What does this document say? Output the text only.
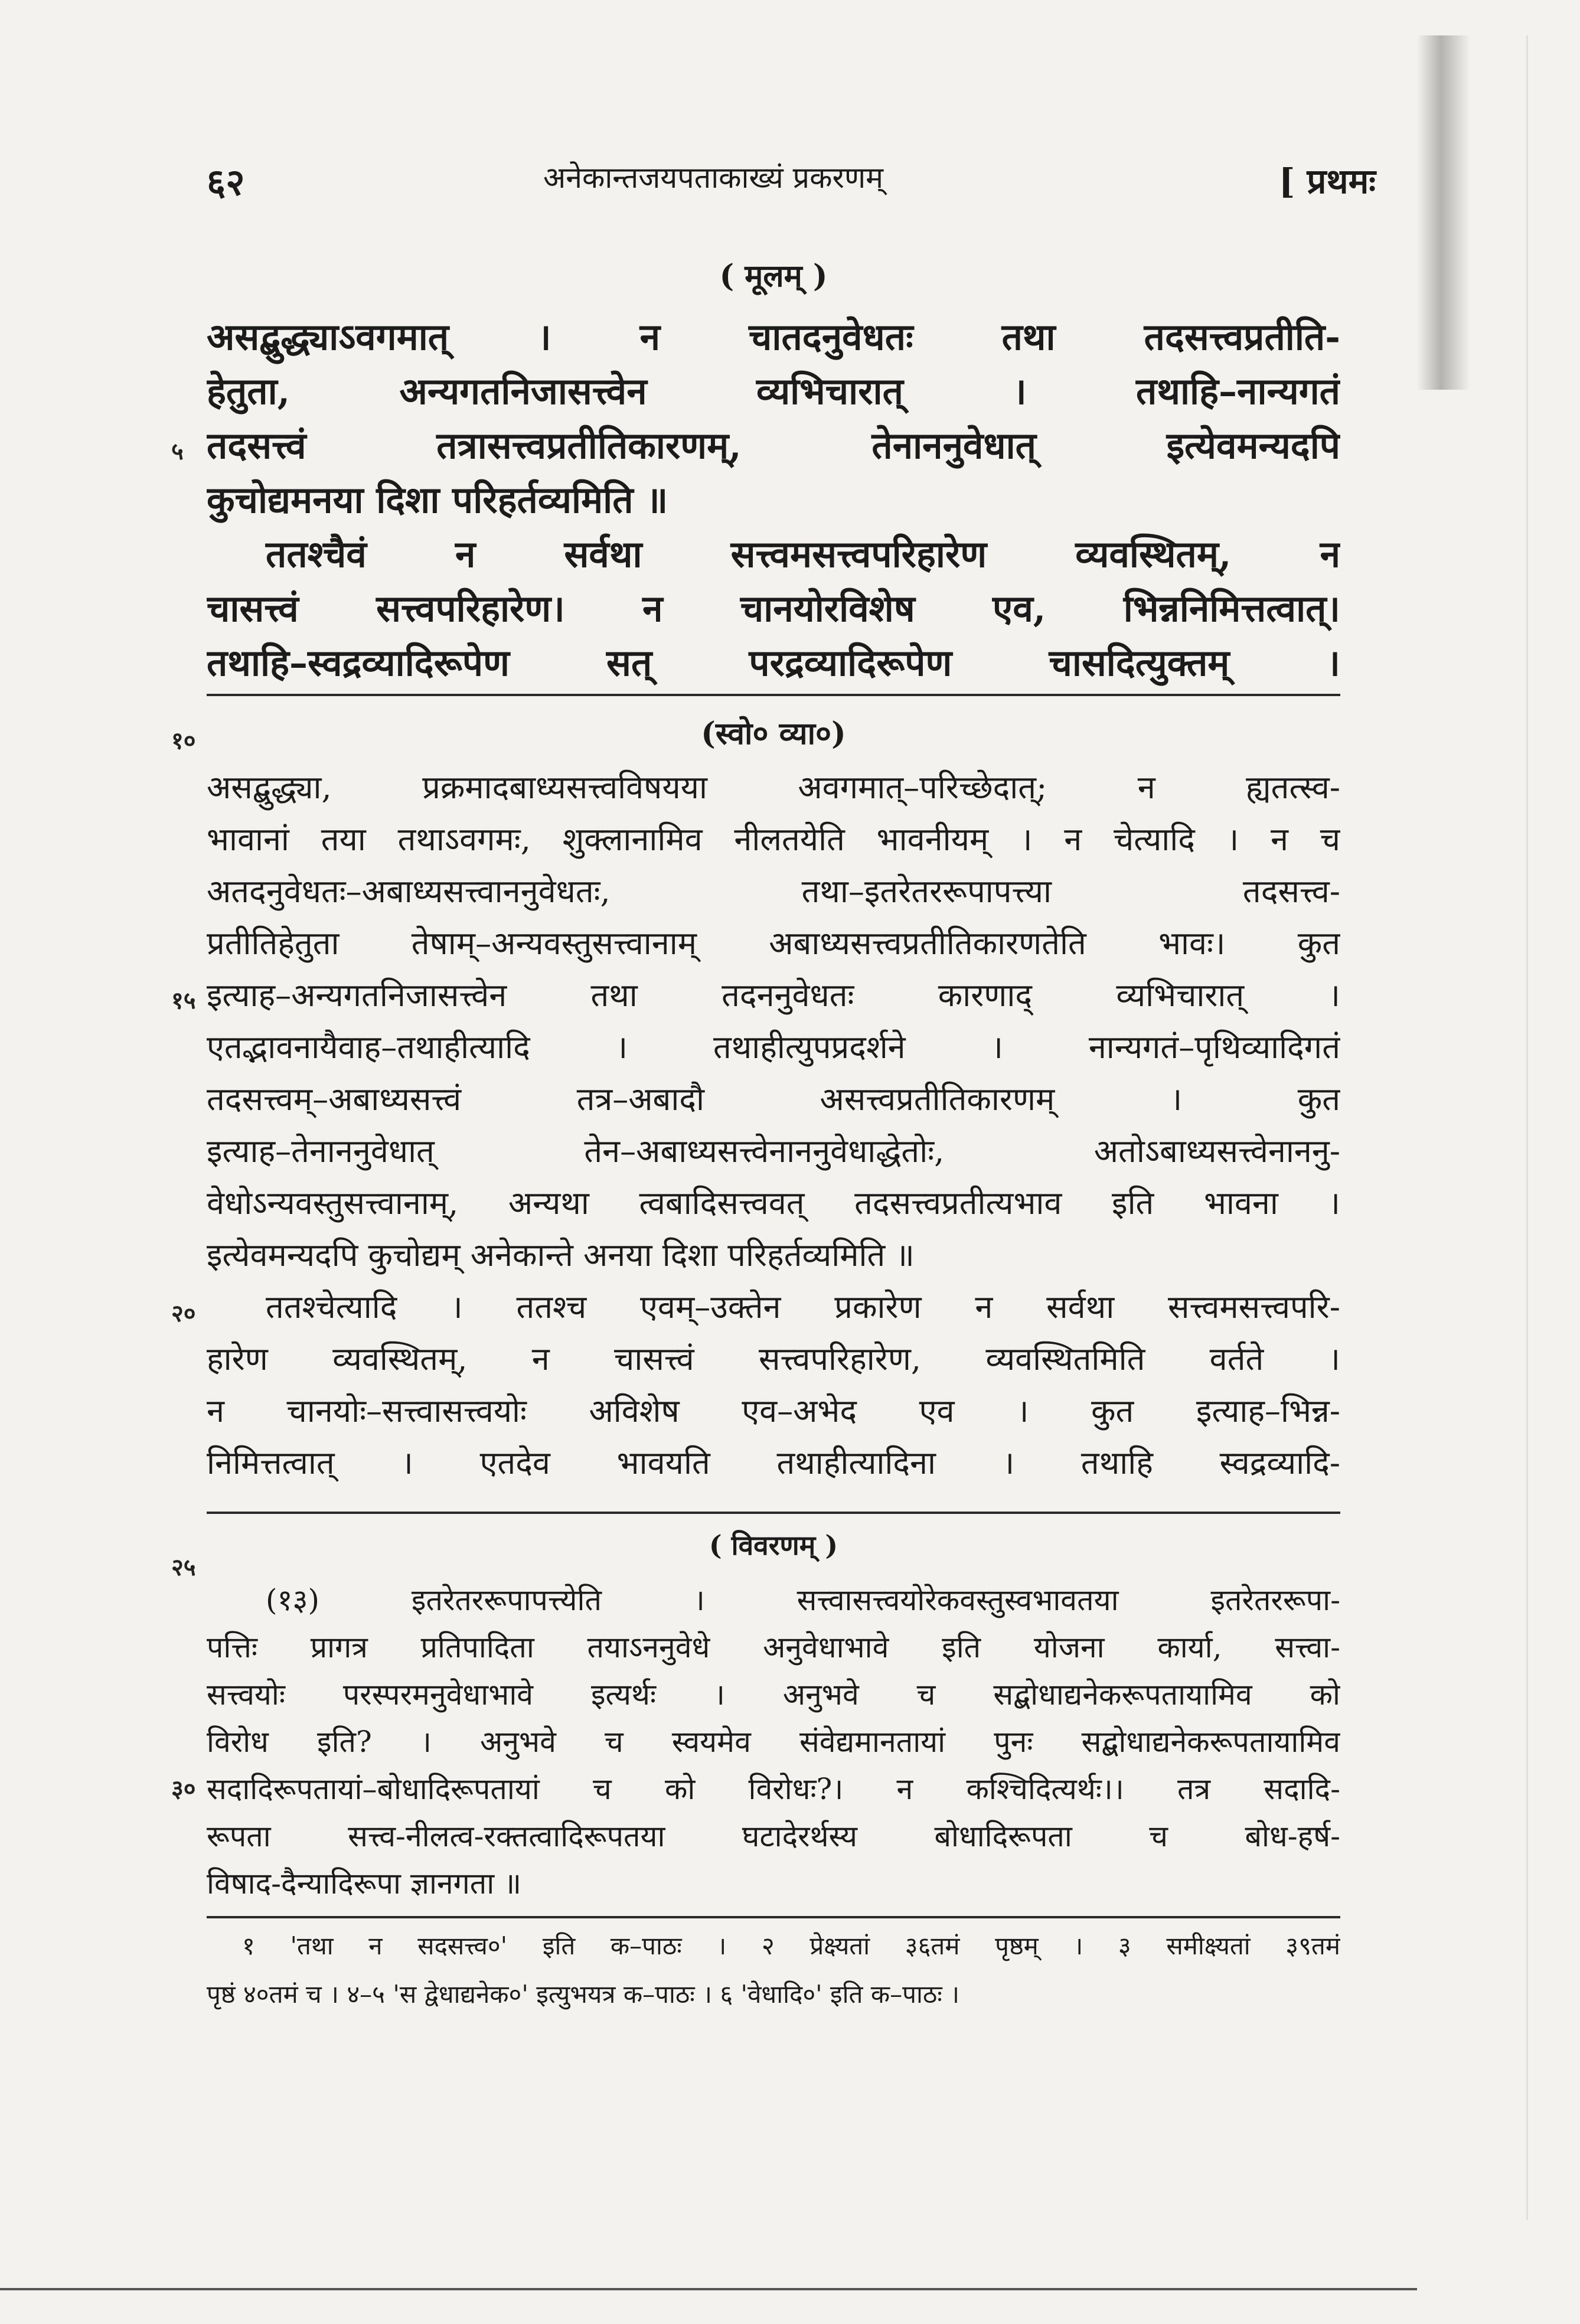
६२	अनेकान्तजयपताकाख्यं प्रकरणम्	[ प्रथमः
( मूलम् )
असद्बुद्ध्याऽवगमात् । न चातदनुवेधतः तथा तदसत्त्वप्रतीति-
हेतुता, अन्यगतनिजासत्त्वेन व्यभिचारात् । तथाहि–नान्यगतं
तदसत्त्वं तत्रासत्त्वप्रतीतिकारणम्, तेनाननुवेधात् इत्येवमन्यदपि
कुचोद्यमनया दिशा परिहर्तव्यमिति ॥
ततश्चैवं न सर्वथा सत्त्वमसत्त्वपरिहारेण व्यवस्थितम्, न
चासत्त्वं सत्त्वपरिहारेण। न चानयोरविशेष एव, भिन्ननिमित्तत्वात्।
तथाहि–स्वद्रव्यादिरूपेण सत् परद्रव्यादिरूपेण चासदित्युक्तम् ।
(स्वो० व्या०)
असद्बुद्ध्या, प्रक्रमादबाध्यसत्त्वविषयया अवगमात्–परिच्छेदात्; न ह्यतत्स्व-
भावानां तया तथाऽवगमः, शुक्लानामिव नीलतयेति भावनीयम् । न चेत्यादि । न च
अतदनुवेधतः–अबाध्यसत्त्वाननुवेधतः, तथा–इतरेतररूपापत्त्या तदसत्त्व-
प्रतीतिहेतुता तेषाम्–अन्यवस्तुसत्त्वानाम् अबाध्यसत्त्वप्रतीतिकारणतेति भावः। कुत
इत्याह–अन्यगतनिजासत्त्वेन तथा तदननुवेधतः कारणाद् व्यभिचारात् ।
एतद्भावनायैवाह–तथाहीत्यादि । तथाहीत्युपप्रदर्शने । नान्यगतं–पृथिव्यादिगतं
तदसत्त्वम्–अबाध्यसत्त्वं तत्र–अबादौ असत्त्वप्रतीतिकारणम् । कुत
इत्याह–तेनाननुवेधात् तेन–अबाध्यसत्त्वेनाननुवेधाद्धेतोः, अतोऽबाध्यसत्त्वेनाननु-
वेधोऽन्यवस्तुसत्त्वानाम्, अन्यथा त्वबादिसत्त्ववत् तदसत्त्वप्रतीत्यभाव इति भावना ।
इत्येवमन्यदपि कुचोद्यम् अनेकान्ते अनया दिशा परिहर्तव्यमिति ॥
ततश्चेत्यादि । ततश्च एवम्–उक्तेन प्रकारेण न सर्वथा सत्त्वमसत्त्वपरि-
हारेण व्यवस्थितम्, न चासत्त्वं सत्त्वपरिहारेण, व्यवस्थितमिति वर्तते ।
न चानयोः–सत्त्वासत्त्वयोः अविशेष एव–अभेद एव । कुत इत्याह–भिन्न-
निमित्तत्वात् । एतदेव भावयति तथाहीत्यादिना । तथाहि स्वद्रव्यादि-
( विवरणम् )
(१३) इतरेतररूपापत्त्येति । सत्त्वासत्त्वयोरेकवस्तुस्वभावतया इतरेतररूपा-
पत्तिः प्रागत्र प्रतिपादिता तयाऽननुवेधे अनुवेधाभावे इति योजना कार्या, सत्त्वा-
सत्त्वयोः परस्परमनुवेधाभावे इत्यर्थः । अनुभवे च सद्बोधाद्यनेकरूपतायामिव को
विरोध इति? । अनुभवे च स्वयमेव संवेद्यमानतायां पुनः सद्बोधाद्यनेकरूपतायामिव
सदादिरूपतायां–बोधादिरूपतायां च को विरोधः?। न कश्चिदित्यर्थः।। तत्र सदादि-
रूपता सत्त्व-नीलत्व-रक्तत्वादिरूपतया घटादेरर्थस्य बोधादिरूपता च बोध-हर्ष-
विषाद-दैन्यादिरूपा ज्ञानगता ॥
१ 'तथा न सदसत्त्व०' इति क–पाठः । २ प्रेक्ष्यतां ३६तमं पृष्ठम् । ३ समीक्ष्यतां ३९तमं
पृष्ठं ४०तमं च । ४–५ 'स द्वेधाद्यनेक०' इत्युभयत्र क–पाठः । ६ 'वेधादि०' इति क–पाठः ।
५
१०
१५
२०
२५
३०
